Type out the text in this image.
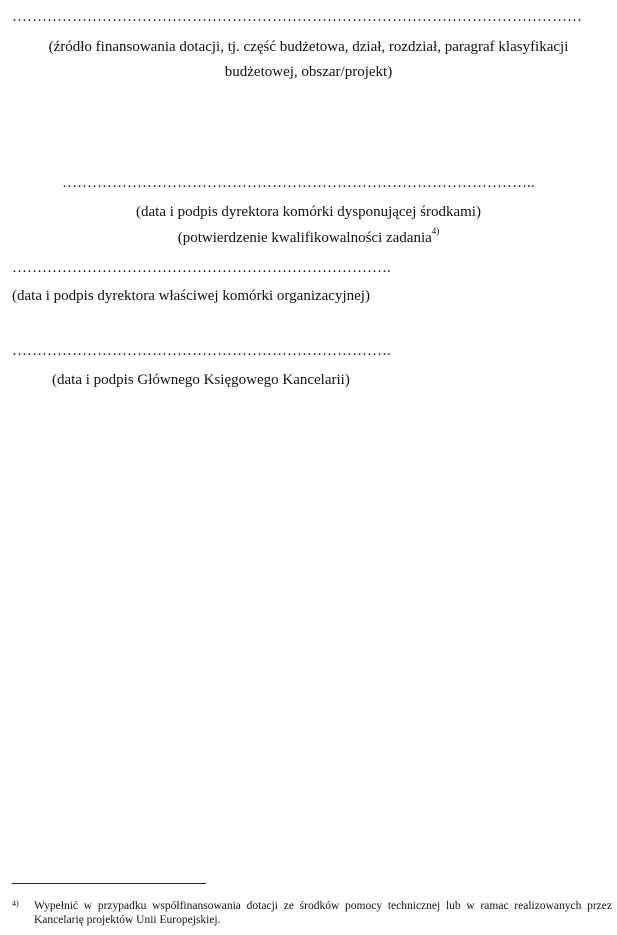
……………………………………………………………………………………………………
(źródło finansowania dotacji, tj. część budżetowa, dział, rozdział, paragraf klasyfikacji
budżetowej, obszar/projekt)
…………………………………………………………………………………..
(data i podpis dyrektora komórki dysponującej środkami)
(potwierdzenie kwalifikowalności zadania$^{4)}$
………………………………………………………………….
(data i podpis dyrektora właściwej komórki organizacyjnej)
………………………………………………………………….
(data i podpis Głównego Księgowego Kancelarii)
4) Wypełnić w przypadku współfinansowania dotacji ze środków pomocy technicznej lub w ramac realizowanych przez Kancelarię projektów Unii Europejskiej.
